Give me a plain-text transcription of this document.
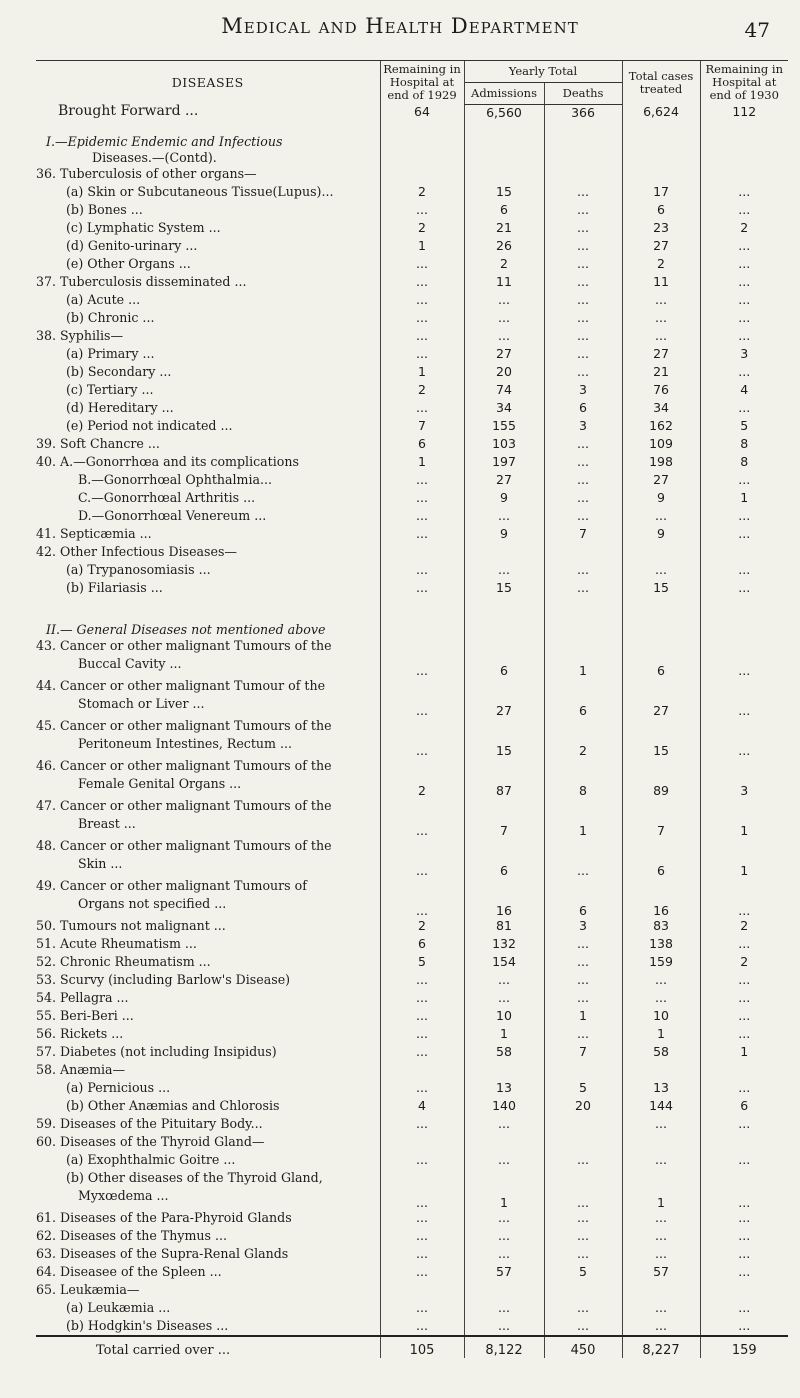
Medical and Health Department	47
DISEASES	Remaining in Hospital at end of 1929	Yearly Total		Total cases treated	Remaining in Hospital at end of 1930
		Admissions	Deaths		
Brought Forward ...	64	6,560	366	6,624	112
I.—Epidemic Endemic and Infectious					
Diseases.—(Contd).					
36. Tuberculosis of other organs—					
(a) Skin or Subcutaneous Tissue(Lupus)...	2	15	...	17	...
(b) Bones ...	...	6	...	6	...
(c) Lymphatic System ...	2	21	...	23	2
(d) Genito-urinary ...	1	26	...	27	...
(e) Other Organs ...	...	2	...	2	...
37. Tuberculosis disseminated ...	...	11	...	11	...
(a) Acute ...	...	...	...	...	...
(b) Chronic ...	...	...	...	...	...
38. Syphilis—	...	...	...	...	...
(a) Primary ...	...	27	...	27	3
(b) Secondary ...	1	20	...	21	...
(c) Tertiary ...	2	74	3	76	4
(d) Hereditary ...	...	34	6	34	...
(e) Period not indicated ...	7	155	3	162	5
39. Soft Chancre ...	6	103	...	109	8
40. A.—Gonorrhœa and its complications	1	197	...	198	8
B.—Gonorrhœal Ophthalmia...	...	27	...	27	...
C.—Gonorrhœal Arthritis ...	...	9	...	9	1
D.—Gonorrhœal Venereum ...	...	...	...	...	...
41. Septicæmia ...	...	9	7	9	...
42. Other Infectious Diseases—					
(a) Trypanosomiasis ...	...	...	...	...	...
(b) Filariasis ...	...	15	...	15	...

II.— General Diseases not mentioned above					
43. Cancer or other malignant Tumours of the					
Buccal Cavity ...	...	6	1	6	...
44. Cancer or other malignant Tumour of the					
Stomach or Liver ...	...	27	6	27	...
45. Cancer or other malignant Tumours of the					
Peritoneum Intestines, Rectum ...	...	15	2	15	...
46. Cancer or other malignant Tumours of the					
Female Genital Organs ...	2	87	8	89	3
47. Cancer or other malignant Tumours of the					
Breast ...	...	7	1	7	1
48. Cancer or other malignant Tumours of the					
Skin ...	...	6	...	6	1
49. Cancer or other malignant Tumours of					
Organs not specified ...	...	16	6	16	...
50. Tumours not malignant ...	2	81	3	83	2
51. Acute Rheumatism ...	6	132	...	138	...
52. Chronic Rheumatism ...	5	154	...	159	2
53. Scurvy (including Barlow's Disease)	...	...	...	...	...
54. Pellagra ...	...	...	...	...	...
55. Beri-Beri ...	...	10	1	10	...
56. Rickets ...	...	1	...	1	...
57. Diabetes (not including Insipidus)	...	58	7	58	1
58. Anæmia—					
(a) Pernicious ...	...	13	5	13	...
(b) Other Anæmias and Chlorosis	4	140	20	144	6
59. Diseases of the Pituitary Body...	...	...		...	...
60. Diseases of the Thyroid Gland—					
(a) Exophthalmic Goitre ...	...	...	...	...	...
(b) Other diseases of the Thyroid Gland,					
Myxœdema ...	...	1	...	1	...
61. Diseases of the Para-Phyroid Glands	...	...	...	...	...
62. Diseases of the Thymus ...	...	...	...	...	...
63. Diseases of the Supra-Renal Glands	...	...	...	...	...
64. Diseasee of the Spleen ...	...	57	5	57	...
65. Leukæmia—					
(a) Leukæmia ...	...	...	...	...	...
(b) Hodgkin's Diseases ...	...	...	...	...	...
Total carried over ...	105	8,122	450	8,227	159
